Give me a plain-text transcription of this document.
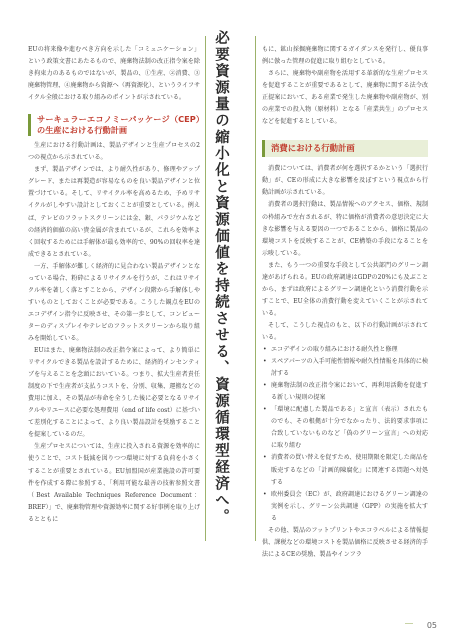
EUの将来像や進むべき方向を示した「コミュニケーション」という政策文書にあたるもので、廃棄物法制の改正指令案を除き拘束力のあるものではないが、製品の、①生産、②消費、③廃棄物管理、④廃棄物から資源へ（再資源化）、というライフサイクル全般における取り組みのポイントが示されている。

サーキュラーエコノミーパッケージ（CEP）の生産における行動計画

生産における行動計画は、製品デザインと生産プロセスの2つの視点から示されている。

まず、製品デザインでは、より耐久性があり、修理やアップグレード、または再製造が容易なものを良い製品デザインと位置づけている。そして、リサイクル率を高めるため、予めリサイクルがしやすい設計としておくことが重要としている。例えば、テレビのフラットスクリーンには金、銀、パラジウムなどの経済的価値の高い貴金属が含まれているが、これらを効率よく回収するためには手解体が最も効率的で、90%の回収率を達成できるとされている。

一方、手解体が難しく経済的に見合わない製品デザインとなっている場合、粉砕によるリサイクルを行うが、これはリサイクル率を著しく落とすことから、デザイン段階から手解体しやすいものとしておくことが必要である。こうした観点をEUのエコデザイン指令に反映させ、その第一歩として、コンピューターのディスプレイやテレビのフラットスクリーンから取り組みを開始している。

EUはまた、廃棄物法制の改正指令案によって、より簡単にリサイクルできる製品を設計するために、経済的インセンティブを与えることを念頭においている。つまり、拡大生産者責任制度の下で生産者が支払うコストを、分別、収集、運搬などの費用に加え、その製品が寿命を全うした後に必要となるリサイクルやリユースに必要な処理費用（end of life cost）に基づいて差別化することによって、より良い製品設計を奨励することを提案しているのだ。

生産プロセスについては、生産に投入される資源を効率的に使うことで、コスト低減を図りつつ環境に対する負荷を小さくすることが重要とされている。EU加盟国が産業施設の許可要件を作成する際に参照する、「利用可能な最善の技術参照文書（Best Available Techniques Reference Document：BREF）」で、廃棄物管理や資源効率に関する好事例を取り上げるとともに	必要資源量の縮小化と資源価値を持続させる、資源循環型経済へ。	もに、鉱山採掘廃棄物に関するガイダンスを発行し、優良事例に倣った管理の促進に取り組むとしている。

さらに、廃棄物や副産物を活用する革新的な生産プロセスを促進することが重要であるとして、廃棄物に関する法令改正提案において、ある産業で発生した廃棄物や副産物が、別の産業での投入物（原材料）となる「産業共生」のプロセスなどを促進するとしている。

消費における行動計画

消費については、消費者が何を選択するかという「選択行動」が、CEの形成に大きな影響を及ぼすという視点から行動計画が示されている。

消費者の選択行動は、製品情報へのアクセス、価格、規制の枠組みで左右されるが、特に価格が消費者の意思決定に大きな影響を与える要因の一つであることから、価格に製品の環境コストを反映することが、CE構築の手段になることを示唆している。

また、もう一つの重要な手段として公共部門のグリーン調達があげられる。EUの政府調達はGDPの20%にも及ぶことから、まずは政府によるグリーン調達化という消費行動を示すことで、EU全体の消費行動を変えていくことが示されている。

そして、こうした視点のもと、以下の行動計画が示されている。

• エコデザインの取り組みにおける耐久性と修理
• スペアパーツの入手可能性情報や耐久性情報を具体的に検討する
• 廃棄物法制の改正指令案において、再利用活動を促進する新しい規則の提案
• 「環境に配慮した製品である」と宣言（表示）されたものでも、その根拠が十分でなかったり、法的要求事項に合致していないものなど「偽のグリーン宣言」への対応に取り組む
• 消費者の買い替えを促すため、使用期限を限定した商品を販売するなどの「計画的陳腐化」に関連する問題へ対処する
• 欧州委員会（EC）が、政府調達におけるグリーン調達の実例を示し、グリーン公共調達（GPP）の実施を拡大する

その他、製品のフットプリントやエコラベルによる情報提供、課税などの環境コストを製品価格に反映させる経済的手法によるCEの奨励、製品やインフラ

05
